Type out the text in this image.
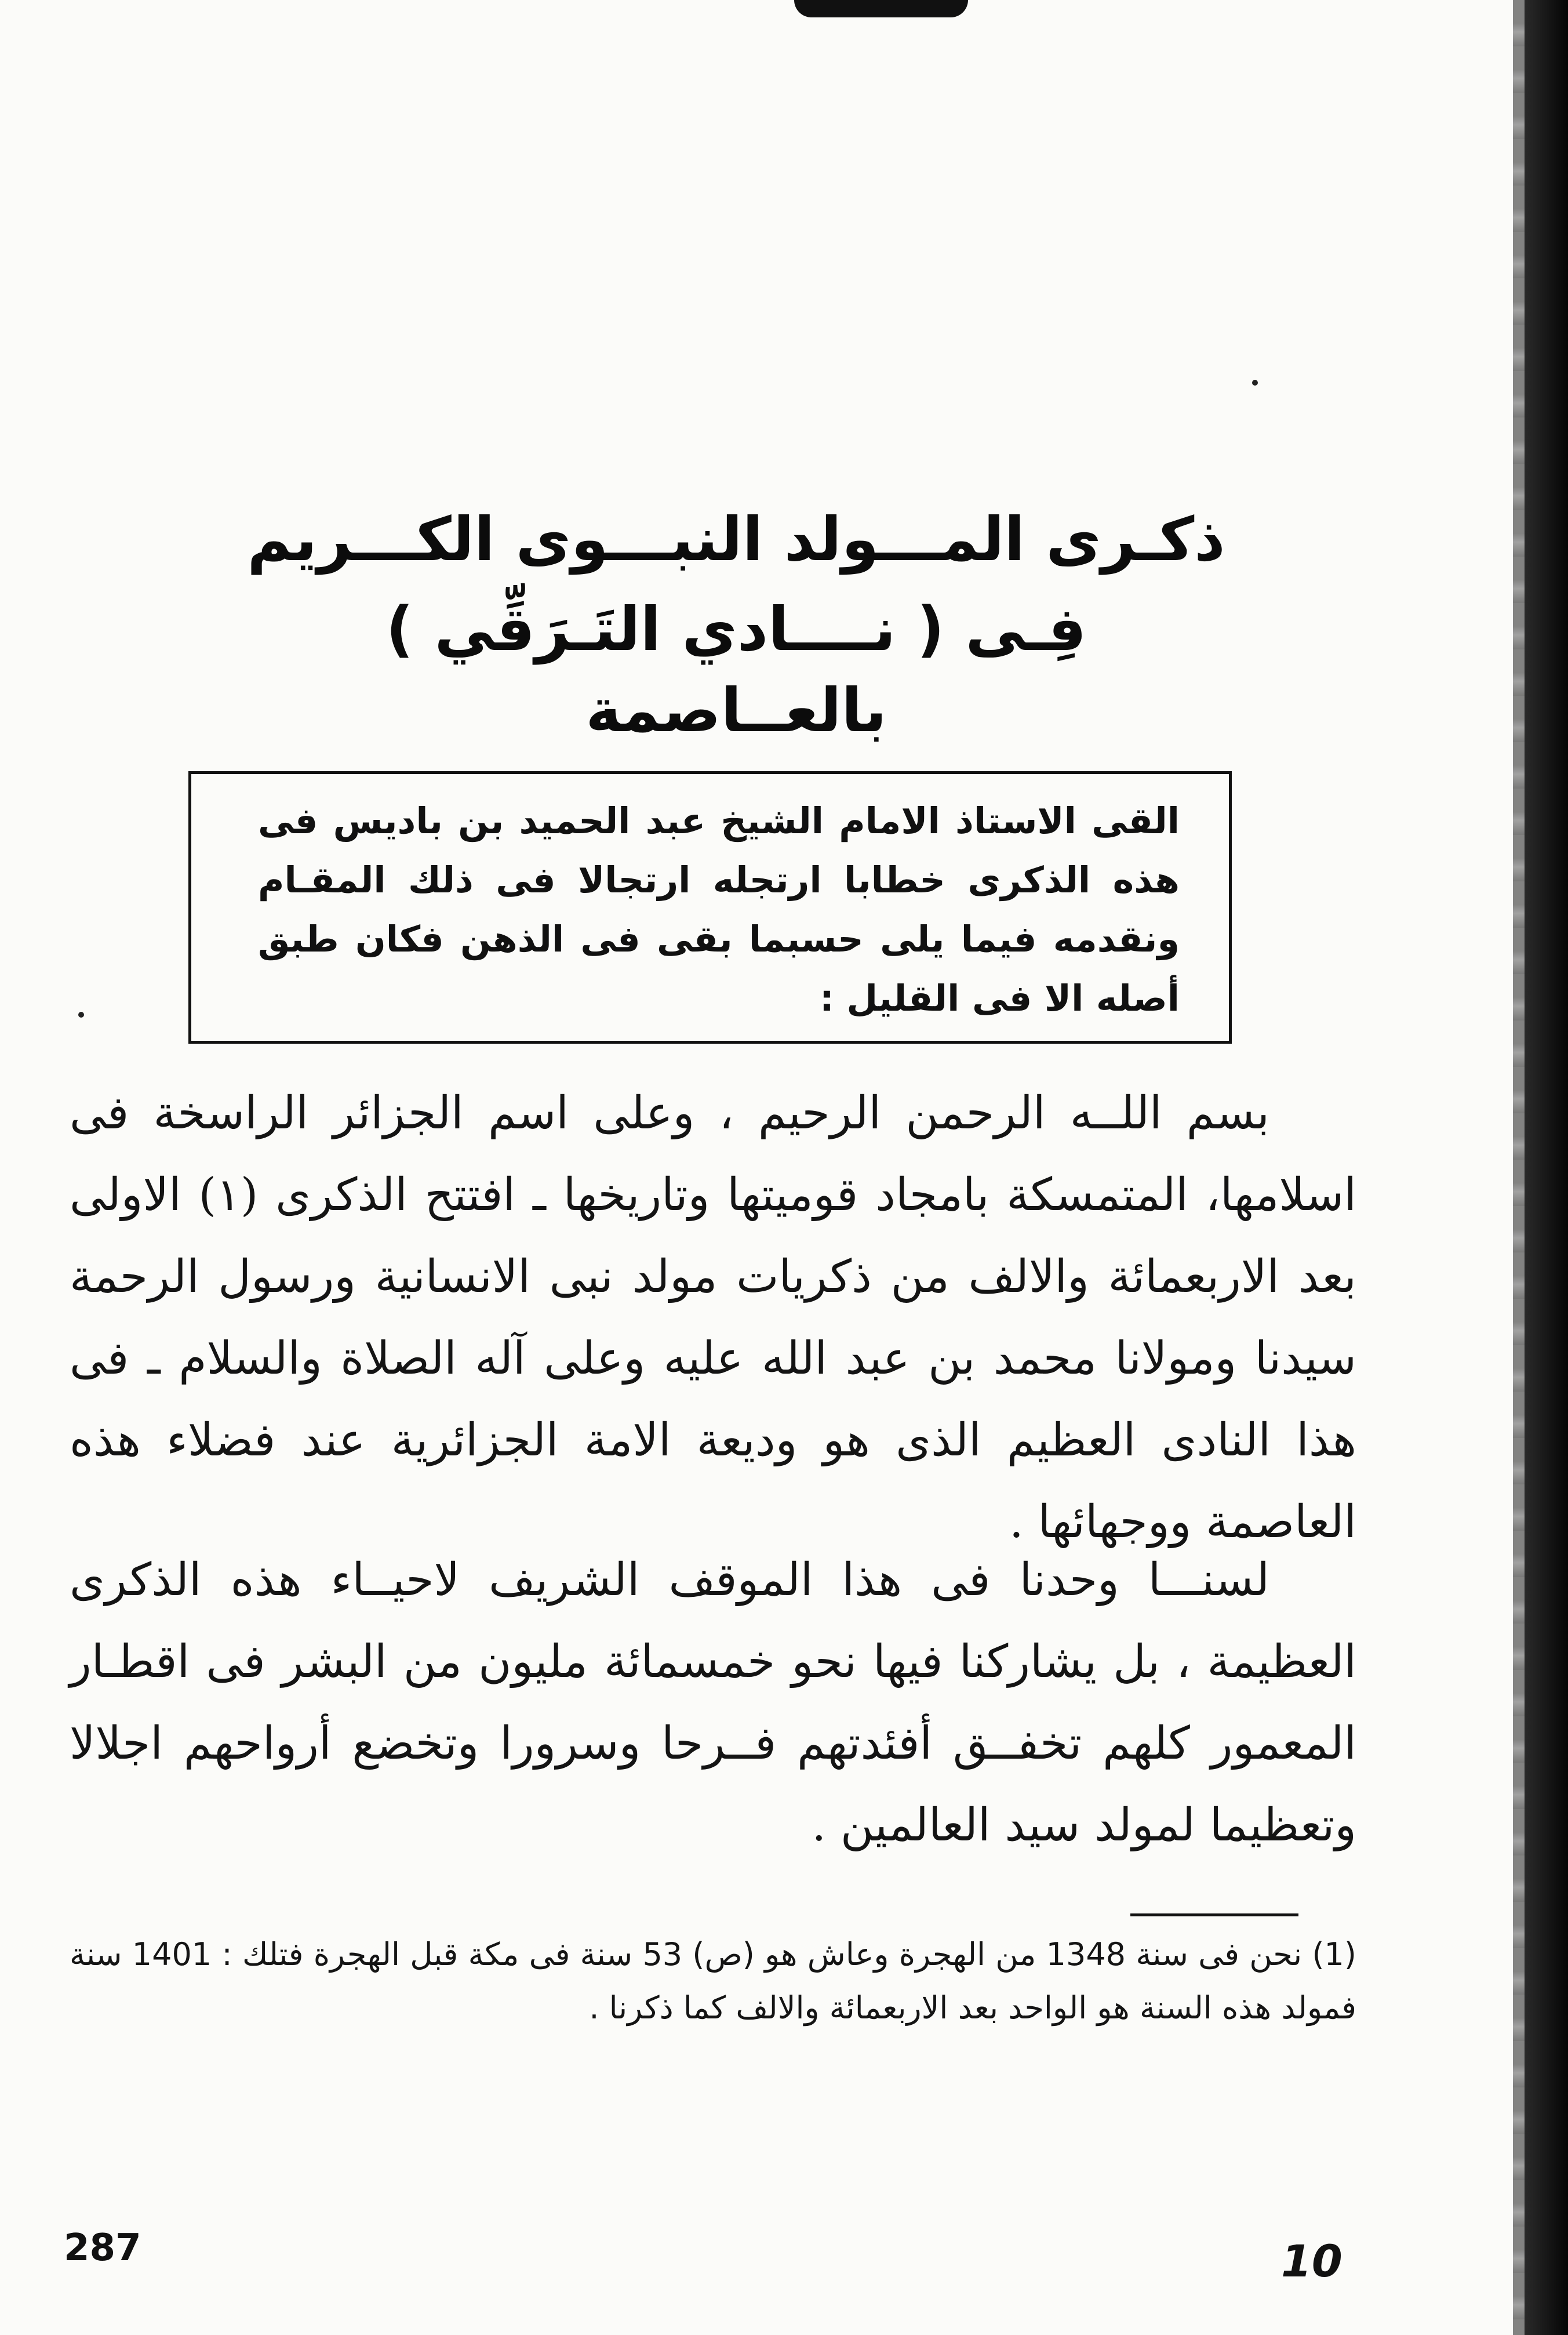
ذكـرى المـــولد النبـــوى الكـــريم
فِـى ( نــــادي التَـرَقِّي ) بالعــاصمة
القى الاستاذ الامام الشيخ عبد الحميد بن باديس فى هذه الذكرى خطابا ارتجله ارتجالا فى ذلك المقـام ونقدمه فيما يلى حسبما بقى فى الذهن فكان طبق أصله الا فى القليل :

بسم اللــه الرحمن الرحيم ، وعلى اسم الجزائر الراسخة فى اسلامها، المتمسكة بامجاد قوميتها وتاريخها ـ افتتح الذكرى (١) الاولى بعد الاربعمائة والالف من ذكريات مولد نبى الانسانية ورسول الرحمة سيدنا ومولانا محمد بن عبد الله عليه وعلى آله الصلاة والسلام ـ فى هذا النادى العظيم الذى هو وديعة الامة الجزائرية عند فضلاء هذه العاصمة ووجهائها .

لسنـــا وحدنا فى هذا الموقف الشريف لاحيــاء هذه الذكرى العظيمة ، بل يشاركنا فيها نحو خمسمائة مليون من البشر فى اقطـار المعمور كلهم تخفــق أفئدتهم فــرحا وسرورا وتخضع أرواحهم اجلالا وتعظيما لمولد سيد العالمين .

(1) نحن فى سنة 1348 من الهجرة وعاش هو (ص) 53 سنة فى مكة قبل الهجرة فتلك : 1401 سنة فمولد هذه السنة هو الواحد بعد الاربعمائة والالف كما ذكرنا .
287	10
